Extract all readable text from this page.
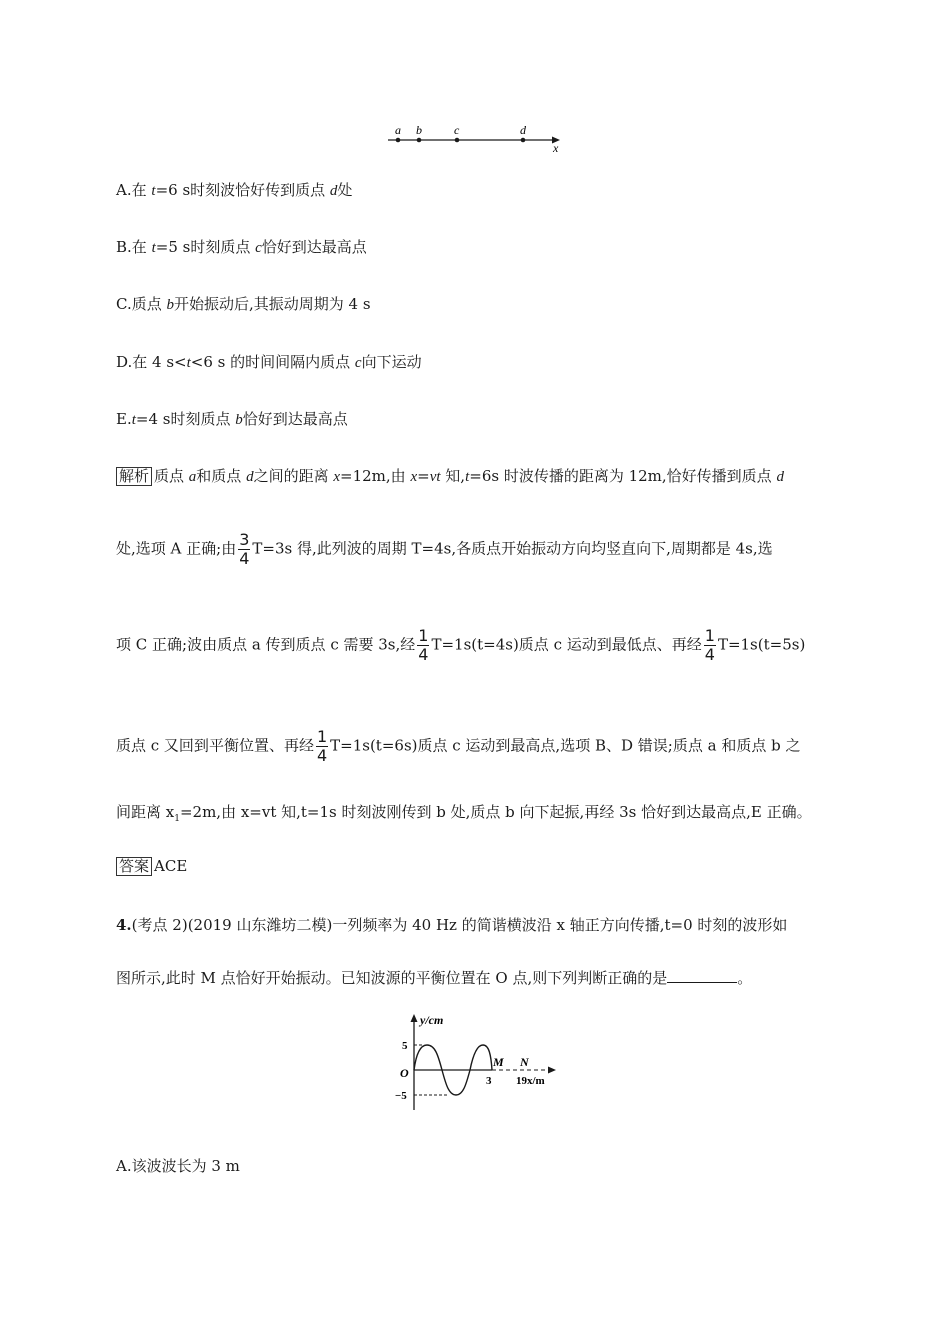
a b	c	d
x
A.在 t=6 s时刻波恰好传到质点 d处
B.在 t=5 s时刻质点 c恰好到达最高点
C.质点 b开始振动后,其振动周期为 4 s
D.在 4 s<t<6 s 的时间间隔内质点 c向下运动
E.t=4 s时刻质点 b恰好到达最高点
解析 质点 a和质点 d之间的距离 x=12m,由 x=vt 知,t=6s 时波传播的距离为 12m,恰好传播到质点 d
处,选项 A 正确;由 $\frac{3}{4} T=3s$ 得,此列波的周期 T=4s,各质点开始振动方向均竖直向下,周期都是 4s,选
项 C 正确;波由质点 a 传到质点 c 需要 3s,经 $\frac{1}{4} T=1s(t=4s)$质点 c 运动到最低点、再经 $\frac{1}{4} T=1s(t=5s)$
质点 c 又回到平衡位置、再经 $\frac{1}{4} T=1s(t=6s)$质点 c 运动到最高点,选项 B、D 错误;质点 a 和质点 b 之
间距离 $x_1=2m$,由 x=vt 知,t=1s 时刻波刚传到 b 处,质点 b 向下起振,再经 3s 恰好到达最高点,E 正确。
答案 ACE
4.(考点 2)(2019 山东潍坊二模)一列频率为 40 Hz 的简谐横波沿 x 轴正方向传播,t=0 时刻的波形如
图所示,此时 M 点恰好开始振动。已知波源的平衡位置在 O 点,则下列判断正确的是	。
y/cm
5
O
−5
M N
3 19x/m
A.该波波长为 3 m
